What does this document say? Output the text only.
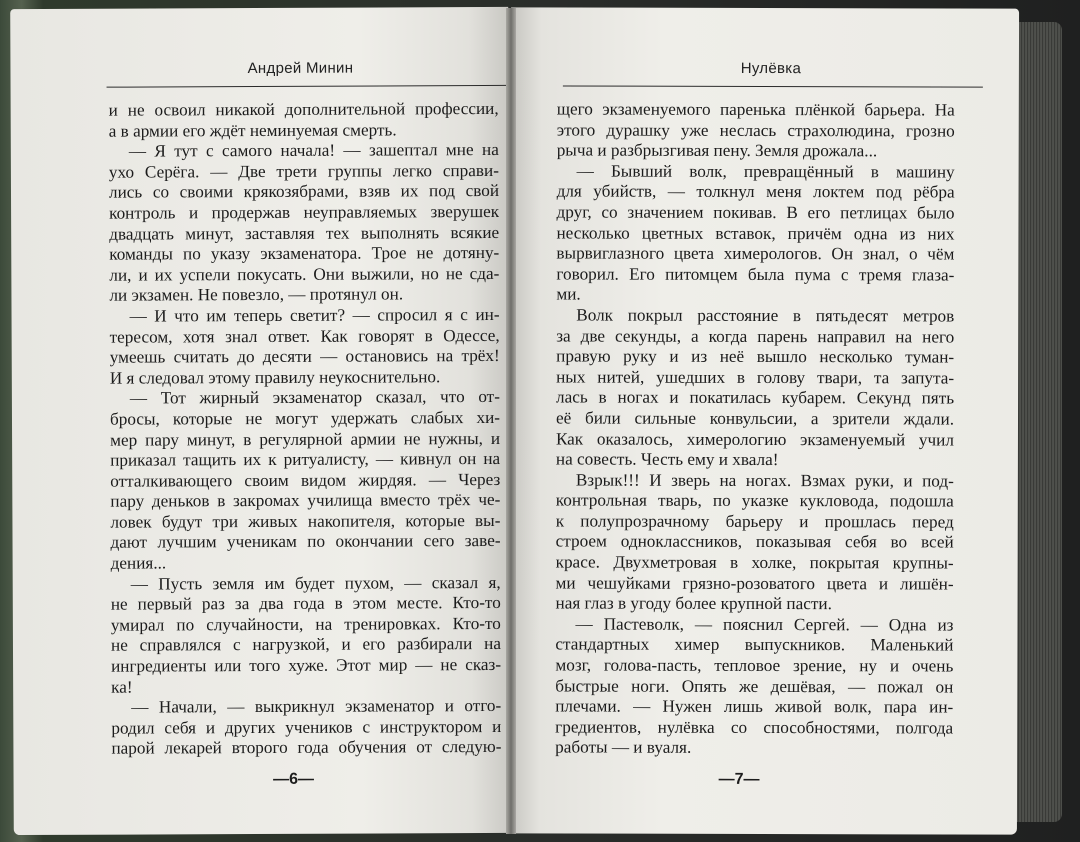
Андрей Минин
и не освоил никакой дополнительной профессии,
а в армии его ждёт неминуемая смерть.
— Я тут с самого начала! — зашептал мне на
ухо Серёга. — Две трети группы легко справи-
лись со своими крякозябрами, взяв их под свой
контроль и продержав неуправляемых зверушек
двадцать минут, заставляя тех выполнять всякие
команды по указу экзаменатора. Трое не дотяну-
ли, и их успели покусать. Они выжили, но не сда-
ли экзамен. Не повезло, — протянул он.
— И что им теперь светит? — спросил я с ин-
тересом, хотя знал ответ. Как говорят в Одессе,
умеешь считать до десяти — остановись на трёх!
И я следовал этому правилу неукоснительно.
— Тот жирный экзаменатор сказал, что от-
бросы, которые не могут удержать слабых хи-
мер пару минут, в регулярной армии не нужны, и
приказал тащить их к ритуалисту, — кивнул он на
отталкивающего своим видом жирдяя. — Через
пару деньков в закромах училища вместо трёх че-
ловек будут три живых накопителя, которые вы-
дают лучшим ученикам по окончании сего заве-
дения...
— Пусть земля им будет пухом, — сказал я,
не первый раз за два года в этом месте. Кто-то
умирал по случайности, на тренировках. Кто-то
не справлялся с нагрузкой, и его разбирали на
ингредиенты или того хуже. Этот мир — не сказ-
ка!
— Начали, — выкрикнул экзаменатор и отго-
родил себя и других учеников с инструктором и
парой лекарей второго года обучения от следую-
—6—
Нулёвка
щего экзаменуемого паренька плёнкой барьера. На
этого дурашку уже неслась страхолюдина, грозно
рыча и разбрызгивая пену. Земля дрожала...
— Бывший волк, превращённый в машину
для убийств, — толкнул меня локтем под рёбра
друг, со значением покивав. В его петлицах было
несколько цветных вставок, причём одна из них
вырвиглазного цвета химерологов. Он знал, о чём
говорил. Его питомцем была пума с тремя глаза-
ми.
Волк покрыл расстояние в пятьдесят метров
за две секунды, а когда парень направил на него
правую руку и из неё вышло несколько туман-
ных нитей, ушедших в голову твари, та запута-
лась в ногах и покатилась кубарем. Секунд пять
её били сильные конвульсии, а зрители ждали.
Как оказалось, химерологию экзаменуемый учил
на совесть. Честь ему и хвала!
Взрык!!! И зверь на ногах. Взмах руки, и под-
контрольная тварь, по указке кукловода, подошла
к полупрозрачному барьеру и прошлась перед
строем одноклассников, показывая себя во всей
красе. Двухметровая в холке, покрытая крупны-
ми чешуйками грязно-розоватого цвета и лишён-
ная глаз в угоду более крупной пасти.
— Пастеволк, — пояснил Сергей. — Одна из
стандартных химер выпускников. Маленький
мозг, голова-пасть, тепловое зрение, ну и очень
быстрые ноги. Опять же дешёвая, — пожал он
плечами. — Нужен лишь живой волк, пара ин-
гредиентов, нулёвка со способностями, полгода
работы — и вуаля.
—7—
